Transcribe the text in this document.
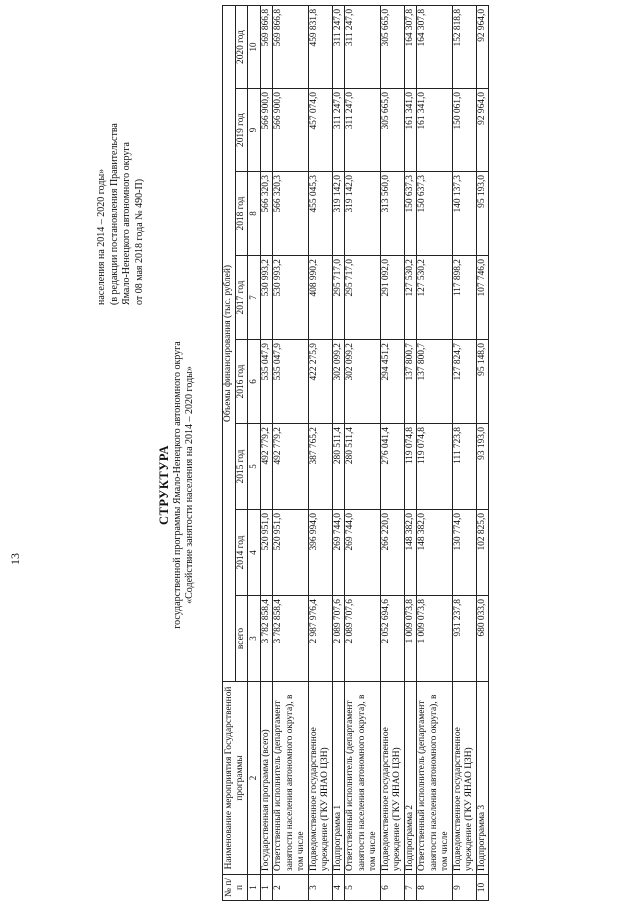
13
населения на 2014 – 2020 годы» (в редакции постановления Правительства Ямало-Ненецкого автономного округа от 08 мая 2018 года № 490-П)
СТРУКТУРА государственной программы Ямало-Ненецкого автономного округа «Содействие занятости населения на 2014 – 2020 годы»
№ п/п	Наименование мероприятия Государственной программы	Объемы финансирования (тыс. рублей)							
		всего	2014 год	2015 год	2016 год	2017 год	2018 год	2019 год	2020 год
1	2	3	4	5	6	7	8	9	10
1	Государственная программа (всего)	3 782 858,4	520 951,0	492 779,2	535 047,9	530 993,2	566 320,3	566 900,0	569 866,8
2	Ответственный исполнитель (департамент занятости населения автономного округа), в том числе	3 782 858,4	520 951,0	492 779,2	535 047,9	530 993,2	566 320,3	566 900,0	569 866,8
3	Подведомственное государственное учреждение (ГКУ ЯНАО ЦЗН)	2 987 976,4	396 994,0	387 765,2	422 275,9	408 990,2	455 045,3	457 074,0	459 831,8
4	Подпрограмма 1	2 089 707,6	269 744,0	280 511,4	302 099,2	295 717,0	319 142,0	311 247,0	311 247,0
5	Ответственный исполнитель (департамент занятости населения автономного округа), в том числе	2 089 707,6	269 744,0	280 511,4	302 099,2	295 717,0	319 142,0	311 247,0	311 247,0
6	Подведомственное государственное учреждение (ГКУ ЯНАО ЦЗН)	2 052 694,6	266 220,0	276 041,4	294 451,2	291 092,0	313 560,0	305 665,0	305 665,0
7	Подпрограмма 2	1 009 073,8	148 382,0	119 074,8	137 800,7	127 530,2	150 637,3	161 341,0	164 307,8
8	Ответственный исполнитель (департамент занятости населения автономного округа), в том числе	1 009 073,8	148 382,0	119 074,8	137 800,7	127 530,2	150 637,3	161 341,0	164 307,8
9	Подведомственное государственное учреждение (ГКУ ЯНАО ЦЗН)	931 237,8	130 774,0	111 723,8	127 824,7	117 898,2	140 137,3	150 061,0	152 818,8
10	Подпрограмма 3	680 033,0	102 825,0	93 193,0	95 148,0	107 746,0	95 193,0	92 964,0	92 964,0
